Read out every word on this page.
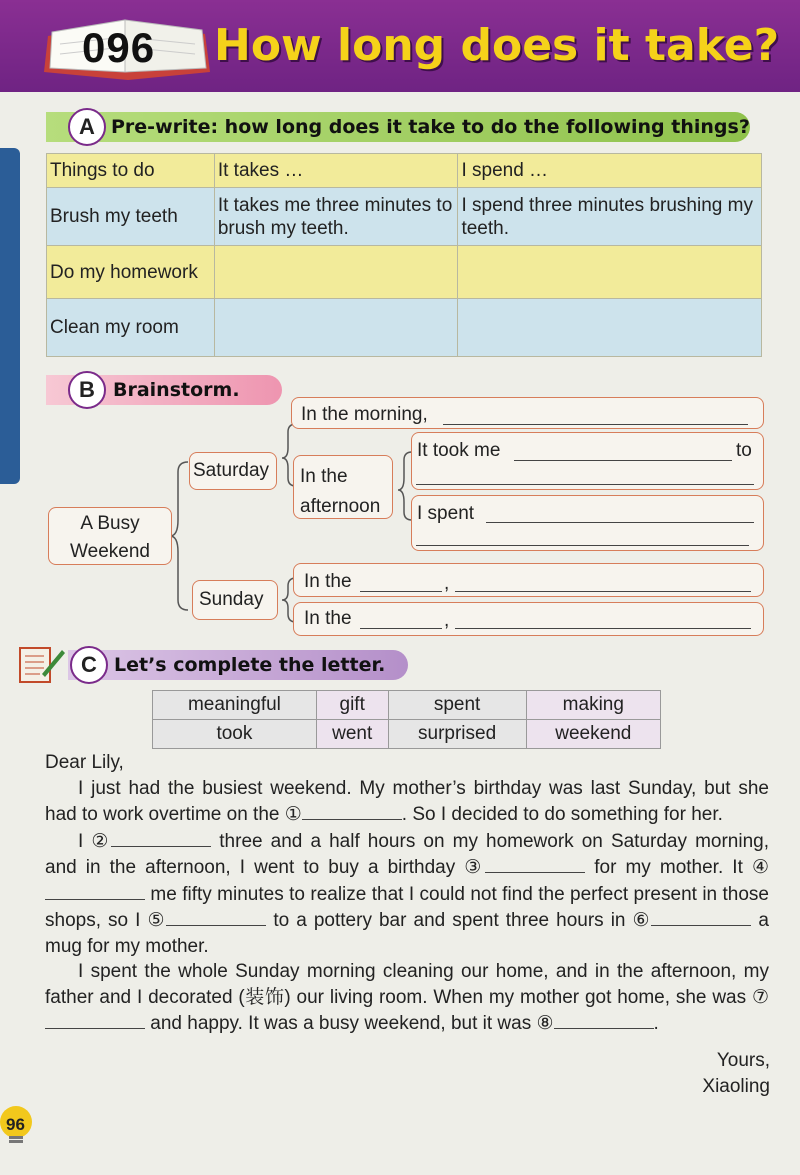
096 How long does it take?
A Pre-write: how long does it take to do the following things?
Things to do	It takes …	I spend …
Brush my teeth	It takes me three minutes to brush my teeth.	I spend three minutes brushing my teeth.
Do my homework		
Clean my room		
B Brainstorm.
A Busy Weekend
Saturday
Sunday
In the morning,
In the afternoon
It took me	to
I spent
In the	,
In the	,
C Let’s complete the letter.
meaningful	gift	spent	making
took	went	surprised	weekend

Dear Lily,

I just had the busiest weekend. My mother’s birthday was last Sunday, but she had to work overtime on the ①	. So I decided to do something for her.

I ②	three and a half hours on my homework on Saturday morning, and in the afternoon, I went to buy a birthday ③	for my mother. It ④ me fifty minutes to realize that I could not find the perfect present in those shops, so I ⑤	to a pottery bar and spent three hours in ⑥	a mug for my mother.

I spent the whole Sunday morning cleaning our home, and in the afternoon, my father and I decorated (装饰) our living room. When my mother got home, she was ⑦ and happy. It was a busy weekend, but it was ⑧	.

Yours,
Xiaoling
96
